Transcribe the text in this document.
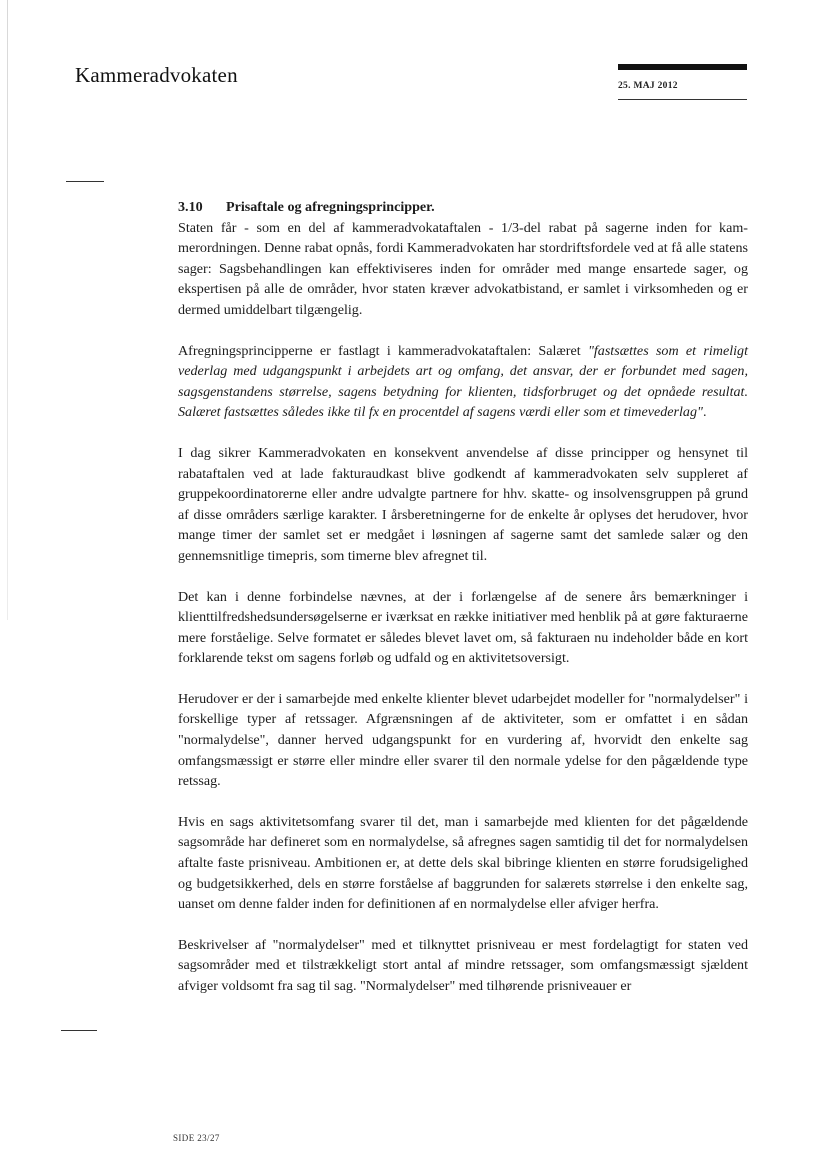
Kammeradvokaten	25. MAJ 2012

3.10 Prisaftale og afregningsprincipper.

Staten får - som en del af kammeradvokataftalen - 1/3-del rabat på sagerne inden for kammerordningen. Denne rabat opnås, fordi Kammeradvokaten har stordriftsfordele ved at få alle statens sager: Sagsbehandlingen kan effektiviseres inden for områder med mange ensartede sager, og ekspertisen på alle de områder, hvor staten kræver advokatbistand, er samlet i virksomheden og er dermed umiddelbart tilgængelig.

Afregningsprincipperne er fastlagt i kammeradvokataftalen: Salæret "fastsættes som et rimeligt vederlag med udgangspunkt i arbejdets art og omfang, det ansvar, der er forbundet med sagen, sagsgenstandens størrelse, sagens betydning for klienten, tidsforbruget og det opnåede resultat. Salæret fastsættes således ikke til fx en procentdel af sagens værdi eller som et timevederlag".

I dag sikrer Kammeradvokaten en konsekvent anvendelse af disse principper og hensynet til rabataftalen ved at lade fakturaudkast blive godkendt af kammeradvokaten selv suppleret af gruppekoordinatorerne eller andre udvalgte partnere for hhv. skatte- og insolvensgruppen på grund af disse områders særlige karakter. I årsberetningerne for de enkelte år oplyses det herudover, hvor mange timer der samlet set er medgået i løsningen af sagerne samt det samlede salær og den gennemsnitlige timepris, som timerne blev afregnet til.

Det kan i denne forbindelse nævnes, at der i forlængelse af de senere års bemærkninger i klienttilfredshedsundersøgelserne er iværksat en række initiativer med henblik på at gøre fakturaerne mere forståelige. Selve formatet er således blevet lavet om, så fakturaen nu indeholder både en kort forklarende tekst om sagens forløb og udfald og en aktivitetsoversigt.

Herudover er der i samarbejde med enkelte klienter blevet udarbejdet modeller for "normalydelser" i forskellige typer af retssager. Afgrænsningen af de aktiviteter, som er omfattet i en sådan "normalydelse", danner herved udgangspunkt for en vurdering af, hvorvidt den enkelte sag omfangsmæssigt er større eller mindre eller svarer til den normale ydelse for den pågældende type retssag.

Hvis en sags aktivitetsomfang svarer til det, man i samarbejde med klienten for det pågældende sagsområde har defineret som en normalydelse, så afregnes sagen samtidig til det for normalydelsen aftalte faste prisniveau. Ambitionen er, at dette dels skal bibringe klienten en større forudsigelighed og budgetsikkerhed, dels en større forståelse af baggrunden for salærets størrelse i den enkelte sag, uanset om denne falder inden for definitionen af en normalydelse eller afviger herfra.

Beskrivelser af "normalydelser" med et tilknyttet prisniveau er mest fordelagtigt for staten ved sagsområder med et tilstrækkeligt stort antal af mindre retssager, som omfangsmæssigt sjældent afviger voldsomt fra sag til sag. "Normalydelser" med tilhørende prisniveauer er

SIDE 23/27
